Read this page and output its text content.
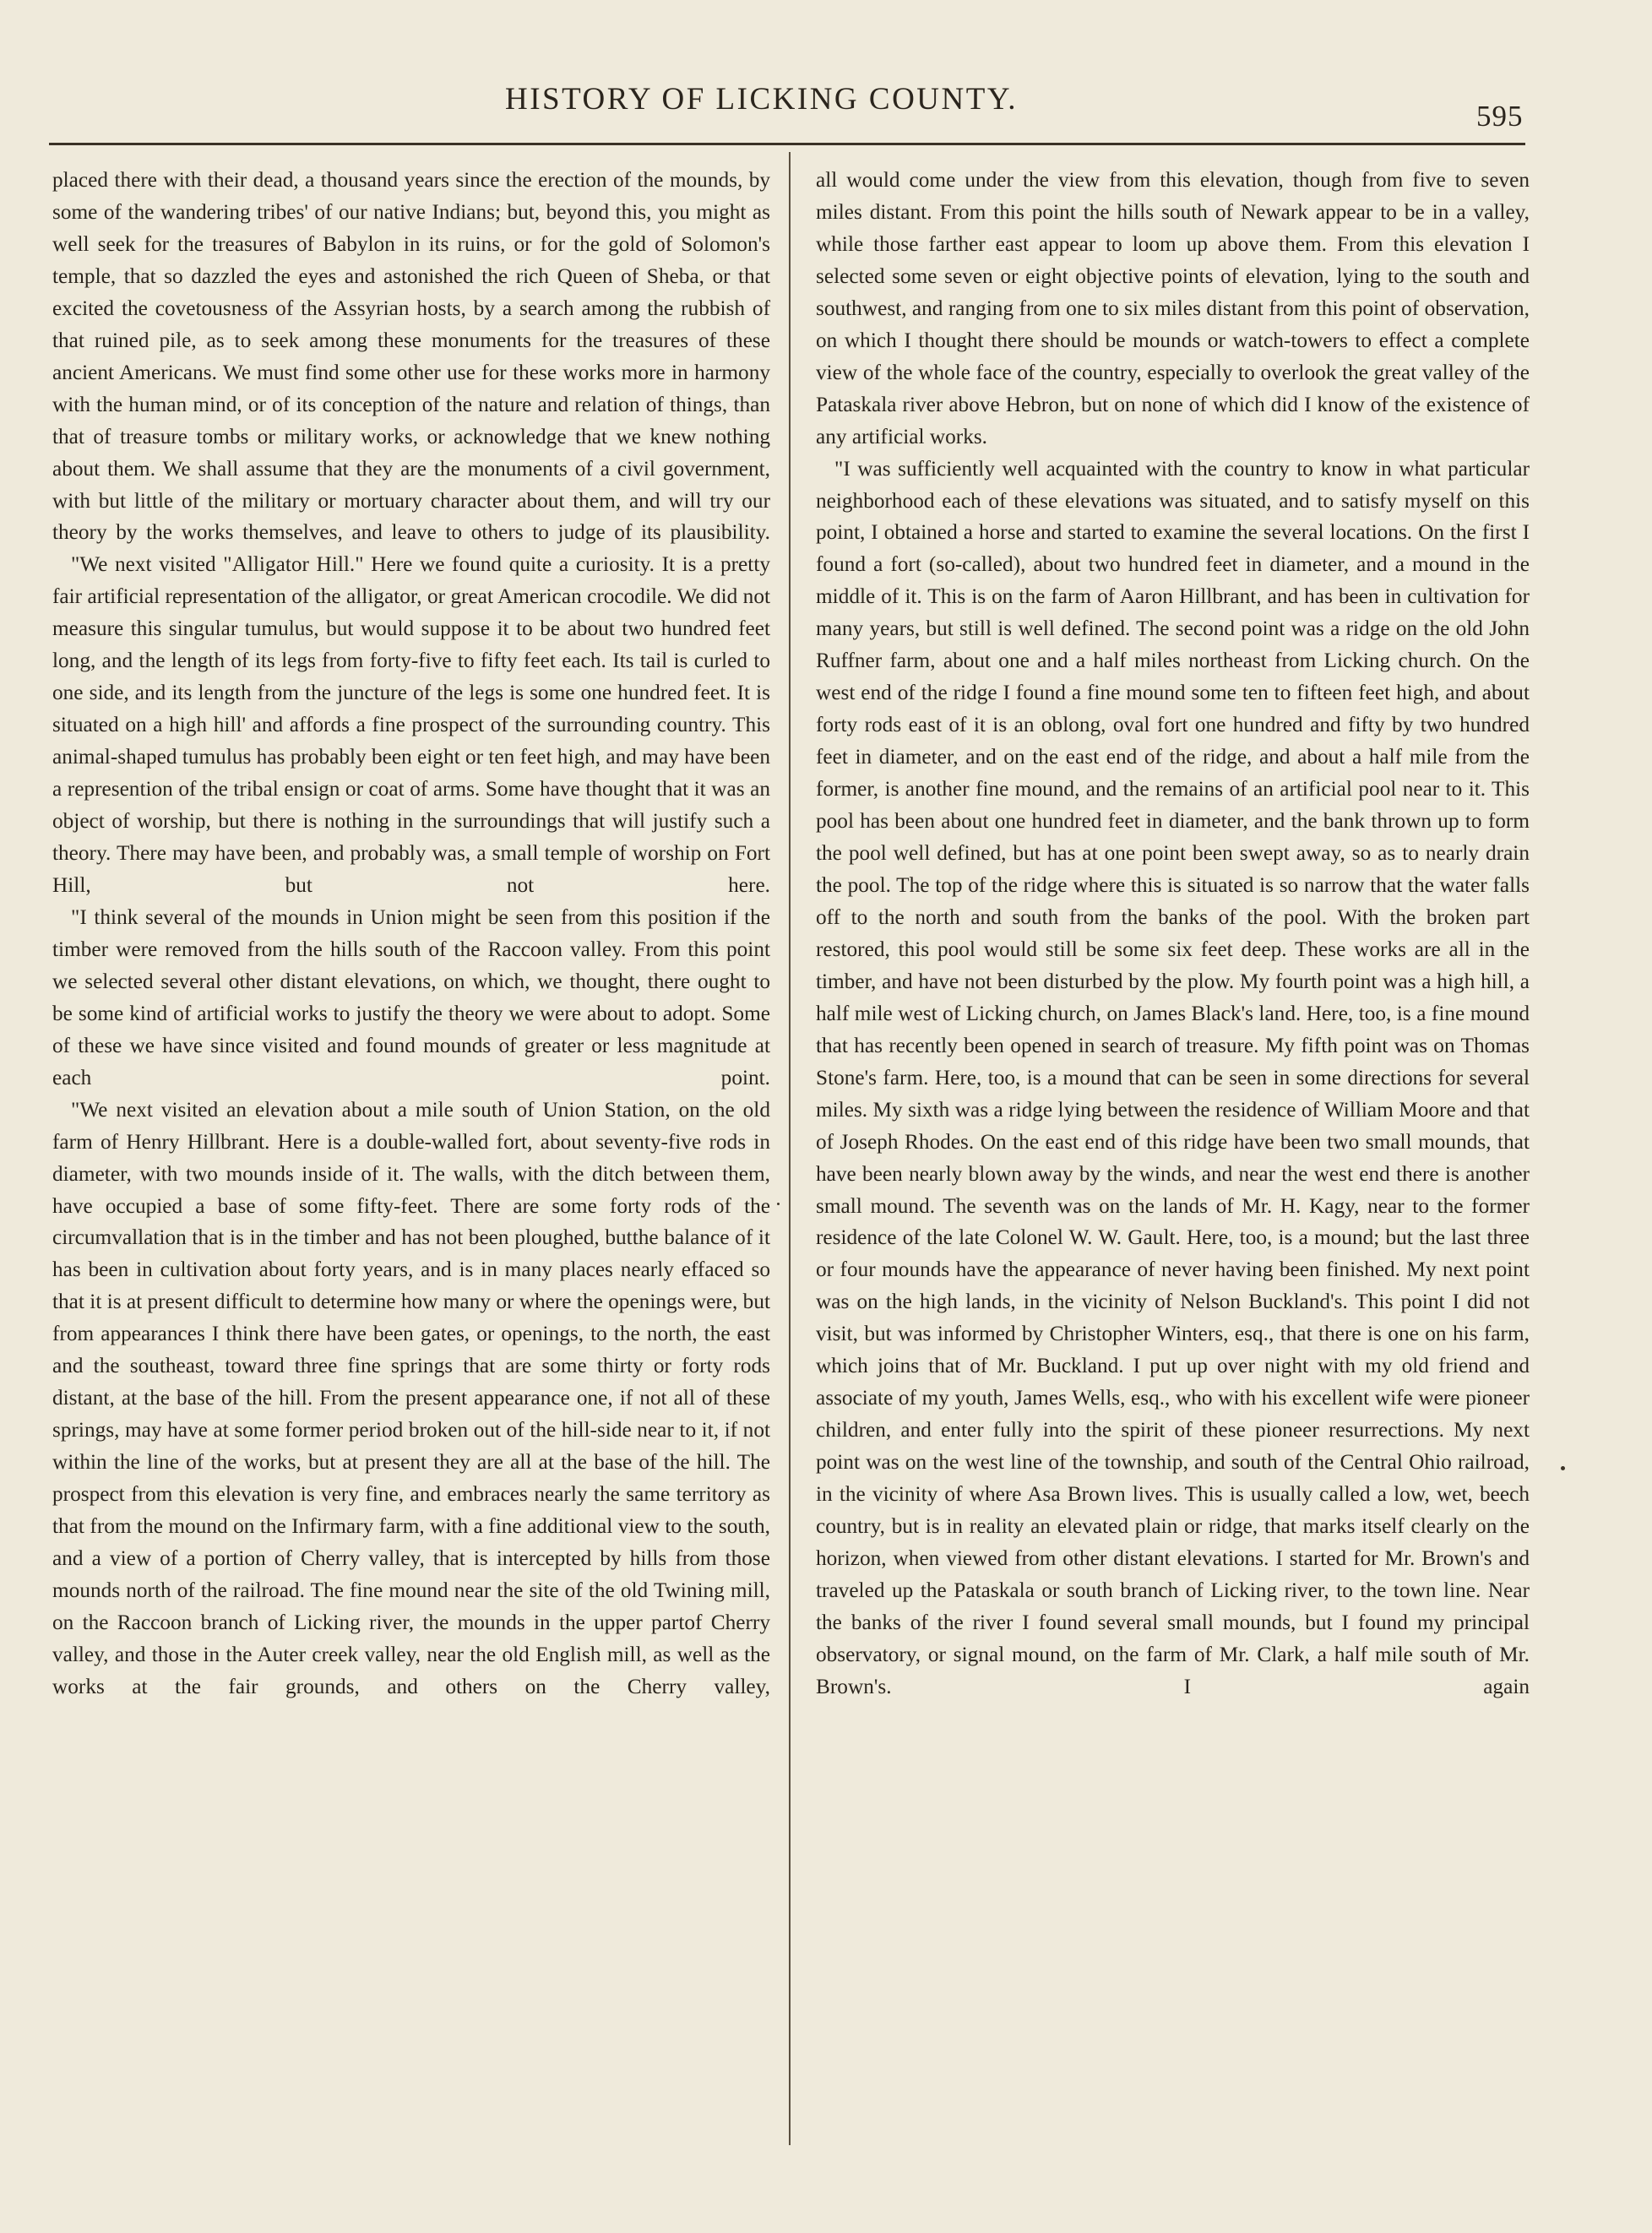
HISTORY OF LICKING COUNTY.	595

placed there with their dead, a thousand years since the erection of the mounds, by some of the wandering tribes' of our native Indians; but, beyond this, you might as well seek for the treasures of Babylon in its ruins, or for the gold of Solomon's temple, that so dazzled the eyes and astonished the rich Queen of Sheba, or that excited the covetousness of the Assyrian hosts, by a search among the rubbish of that ruined pile, as to seek among these monuments for the treasures of these ancient Americans. We must find some other use for these works more in harmony with the human mind, or of its conception of the nature and relation of things, than that of treasure tombs or military works, or acknowledge that we knew nothing about them. We shall assume that they are the monuments of a civil government, with but little of the military or mortuary character about them, and will try our theory by the works themselves, and leave to others to judge of its plausibility.

"We next visited "Alligator Hill." Here we found quite a curiosity. It is a pretty fair artificial representation of the alligator, or great American crocodile. We did not measure this singular tumulus, but would suppose it to be about two hundred feet long, and the length of its legs from forty-five to fifty feet each. Its tail is curled to one side, and its length from the juncture of the legs is some one hundred feet. It is situated on a high hill' and affords a fine prospect of the surrounding country. This animal-shaped tumulus has probably been eight or ten feet high, and may have been a represention of the tribal ensign or coat of arms. Some have thought that it was an object of worship, but there is nothing in the surroundings that will justify such a theory. There may have been, and probably was, a small temple of worship on Fort Hill, but not here.

"I think several of the mounds in Union might be seen from this position if the timber were removed from the hills south of the Raccoon valley. From this point we selected several other distant elevations, on which, we thought, there ought to be some kind of artificial works to justify the theory we were about to adopt. Some of these we have since visited and found mounds of greater or less magnitude at each point.

"We next visited an elevation about a mile south of Union Station, on the old farm of Henry Hillbrant. Here is a double-walled fort, about seventy-five rods in diameter, with two mounds inside of it. The walls, with the ditch between them, have occupied a base of some fifty-feet. There are some forty rods of the circumvallation that is in the timber and has not been ploughed, butthe balance of it has been in cultivation about forty years, and is in many places nearly effaced so that it is at present difficult to determine how many or where the openings were, but from appearances I think there have been gates, or openings, to the north, the east and the southeast, toward three fine springs that are some thirty or forty rods distant, at the base of the hill. From the present appearance one, if not all of these springs, may have at some former period broken out of the hill-side near to it, if not within the line of the works, but at present they are all at the base of the hill. The prospect from this elevation is very fine, and embraces nearly the same territory as that from the mound on the Infirmary farm, with a fine additional view to the south, and a view of a portion of Cherry valley, that is intercepted by hills from those mounds north of the railroad. The fine mound near the site of the old Twining mill, on the Raccoon branch of Licking river, the mounds in the upper partof Cherry valley, and those in the Auter creek valley, near the old English mill, as well as the works at the fair grounds, and others on the Cherry valley,

all would come under the view from this elevation, though from five to seven miles distant. From this point the hills south of Newark appear to be in a valley, while those farther east appear to loom up above them. From this elevation I selected some seven or eight objective points of elevation, lying to the south and southwest, and ranging from one to six miles distant from this point of observation, on which I thought there should be mounds or watch-towers to effect a complete view of the whole face of the country, especially to overlook the great valley of the Pataskala river above Hebron, but on none of which did I know of the existence of any artificial works.

"I was sufficiently well acquainted with the country to know in what particular neighborhood each of these elevations was situated, and to satisfy myself on this point, I obtained a horse and started to examine the several locations. On the first I found a fort (so-called), about two hundred feet in diameter, and a mound in the middle of it. This is on the farm of Aaron Hillbrant, and has been in cultivation for many years, but still is well defined. The second point was a ridge on the old John Ruffner farm, about one and a half miles northeast from Licking church. On the west end of the ridge I found a fine mound some ten to fifteen feet high, and about forty rods east of it is an oblong, oval fort one hundred and fifty by two hundred feet in diameter, and on the east end of the ridge, and about a half mile from the former, is another fine mound, and the remains of an artificial pool near to it. This pool has been about one hundred feet in diameter, and the bank thrown up to form the pool well defined, but has at one point been swept away, so as to nearly drain the pool. The top of the ridge where this is situated is so narrow that the water falls off to the north and south from the banks of the pool. With the broken part restored, this pool would still be some six feet deep. These works are all in the timber, and have not been disturbed by the plow. My fourth point was a high hill, a half mile west of Licking church, on James Black's land. Here, too, is a fine mound that has recently been opened in search of treasure. My fifth point was on Thomas Stone's farm. Here, too, is a mound that can be seen in some directions for several miles. My sixth was a ridge lying between the residence of William Moore and that of Joseph Rhodes. On the east end of this ridge have been two small mounds, that have been nearly blown away by the winds, and near the west end there is another small mound. The seventh was on the lands of Mr. H. Kagy, near to the former residence of the late Colonel W. W. Gault. Here, too, is a mound; but the last three or four mounds have the appearance of never having been finished. My next point was on the high lands, in the vicinity of Nelson Buckland's. This point I did not visit, but was informed by Christopher Winters, esq., that there is one on his farm, which joins that of Mr. Buckland. I put up over night with my old friend and associate of my youth, James Wells, esq., who with his excellent wife were pioneer children, and enter fully into the spirit of these pioneer resurrections. My next point was on the west line of the township, and south of the Central Ohio railroad, in the vicinity of where Asa Brown lives. This is usually called a low, wet, beech country, but is in reality an elevated plain or ridge, that marks itself clearly on the horizon, when viewed from other distant elevations. I started for Mr. Brown's and traveled up the Pataskala or south branch of Licking river, to the town line. Near the banks of the river I found several small mounds, but I found my principal observatory, or signal mound, on the farm of Mr. Clark, a half mile south of Mr. Brown's. I again
